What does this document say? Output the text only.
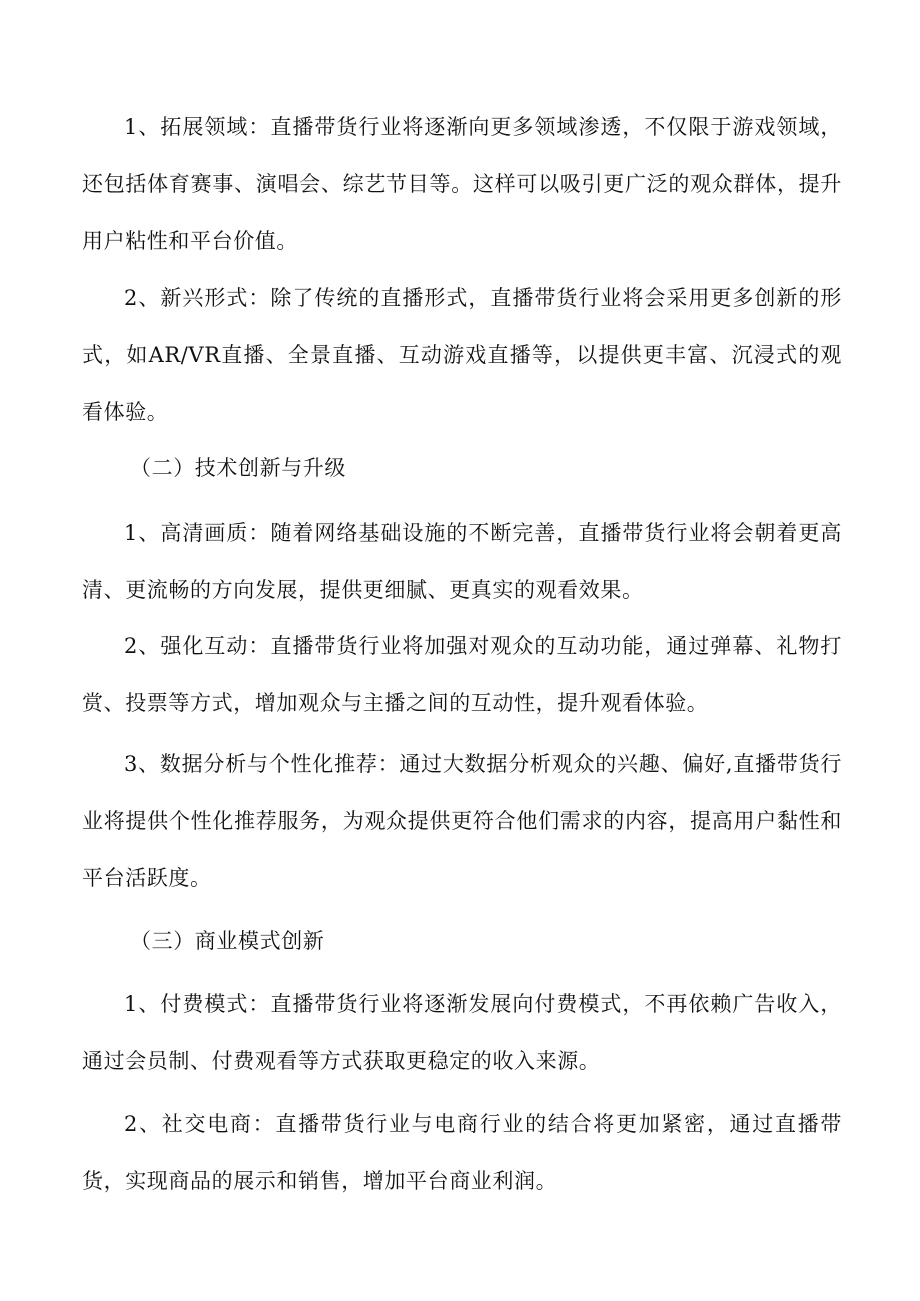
1、拓展领域：直播带货行业将逐渐向更多领域渗透，不仅限于游戏领域，还包括体育赛事、演唱会、综艺节目等。这样可以吸引更广泛的观众群体，提升用户粘性和平台价值。

2、新兴形式：除了传统的直播形式，直播带货行业将会采用更多创新的形式，如AR/VR直播、全景直播、互动游戏直播等，以提供更丰富、沉浸式的观看体验。

（二）技术创新与升级

1、高清画质：随着网络基础设施的不断完善，直播带货行业将会朝着更高清、更流畅的方向发展，提供更细腻、更真实的观看效果。

2、强化互动：直播带货行业将加强对观众的互动功能，通过弹幕、礼物打赏、投票等方式，增加观众与主播之间的互动性，提升观看体验。

3、数据分析与个性化推荐：通过大数据分析观众的兴趣、偏好,直播带货行业将提供个性化推荐服务，为观众提供更符合他们需求的内容，提高用户黏性和平台活跃度。

（三）商业模式创新

1、付费模式：直播带货行业将逐渐发展向付费模式，不再依赖广告收入，通过会员制、付费观看等方式获取更稳定的收入来源。

2、社交电商：直播带货行业与电商行业的结合将更加紧密，通过直播带货，实现商品的展示和销售，增加平台商业利润。
